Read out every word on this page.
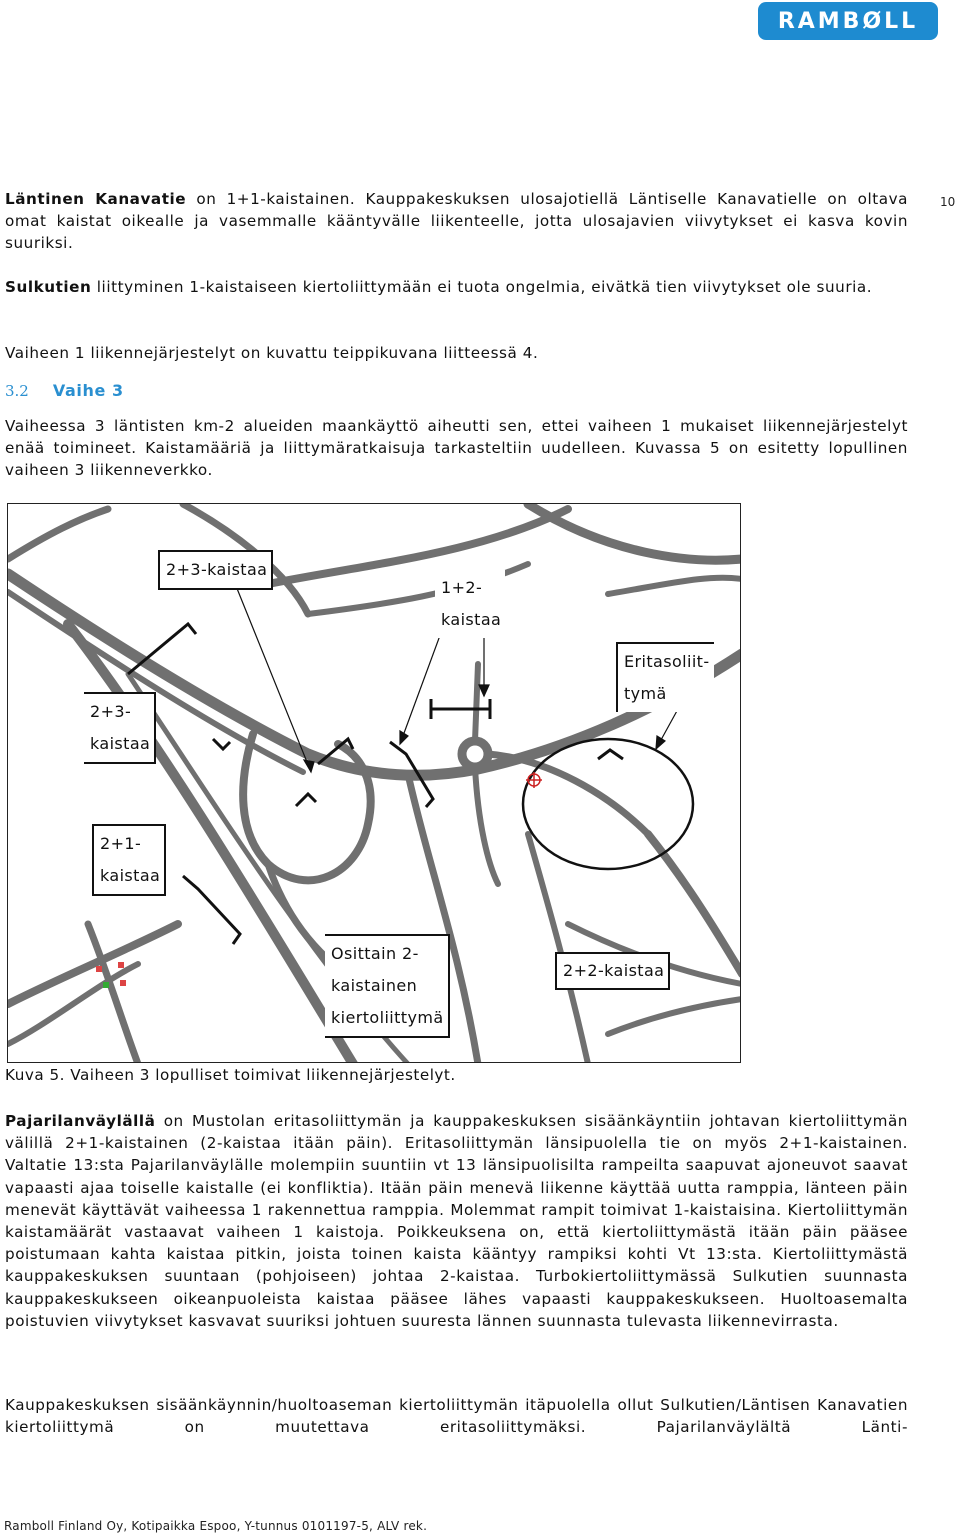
RAMBØLL
10

Läntinen Kanavatie on 1+1-kaistainen. Kauppakeskuksen ulosajotiellä Läntiselle Kanavatielle on oltava omat kaistat oikealle ja vasemmalle kääntyvälle liikenteelle, jotta ulosajavien viivytykset ei kasva kovin suuriksi.

Sulkutien liittyminen 1-kaistaiseen kiertoliittymään ei tuota ongelmia, eivätkä tien viivytykset ole suuria.

Vaiheen 1 liikennejärjestelyt on kuvattu teippikuvana liitteessä 4.

3.2 Vaihe 3

Vaiheessa 3 läntisten km-2 alueiden maankäyttö aiheutti sen, ettei vaiheen 1 mukaiset liikennejärjestelyt enää toimineet. Kaistamääriä ja liittymäratkaisuja tarkasteltiin uudelleen. Kuvassa 5 on esitetty lopullinen vaiheen 3 liikenneverkko.

2+3-kaistaa
1+2-
kaistaa
Eritasoliit-
tymä
2+3-
kaistaa
2+1-
kaistaa
Osittain 2-
kaistainen
kiertoliittymä
2+2-kaistaa
Kuva 5. Vaiheen 3 lopulliset toimivat liikennejärjestelyt.

Pajarilanväylällä on Mustolan eritasoliittymän ja kauppakeskuksen sisäänkäyntiin johtavan kiertoliittymän välillä 2+1-kaistainen (2-kaistaa itään päin). Eritasoliittymän länsipuolella tie on myös 2+1-kaistainen. Valtatie 13:sta Pajarilanväylälle molempiin suuntiin vt 13 länsipuolisilta rampeilta saapuvat ajoneuvot saavat vapaasti ajaa toiselle kaistalle (ei konfliktia). Itään päin menevä liikenne käyttää uutta ramppia, länteen päin menevät käyttävät vaiheessa 1 rakennettua ramppia. Molemmat rampit toimivat 1-kaistaisina. Kiertoliittymän kaistamäärät vastaavat vaiheen 1 kaistoja. Poikkeuksena on, että kiertoliittymästä itään päin pääsee poistumaan kahta kaistaa pitkin, joista toinen kaista kääntyy rampiksi kohti Vt 13:sta. Kiertoliittymästä kauppakeskuksen suuntaan (pohjoiseen) johtaa 2-kaistaa. Turbokiertoliittymässä Sulkutien suunnasta kauppakeskukseen oikeanpuoleista kaistaa pääsee lähes vapaasti kauppakeskukseen. Huoltoasemalta poistuvien viivytykset kasvavat suuriksi johtuen suuresta lännen suunnasta tulevasta liikennevirrasta.

Kauppakeskuksen sisäänkäynnin/huoltoaseman kiertoliittymän itäpuolella ollut Sulkutien/Läntisen Kanavatien kiertoliittymä on muutettava eritasoliittymäksi. Pajarilanväylältä Länti-

Ramboll Finland Oy, Kotipaikka Espoo, Y-tunnus 0101197-5, ALV rek.
